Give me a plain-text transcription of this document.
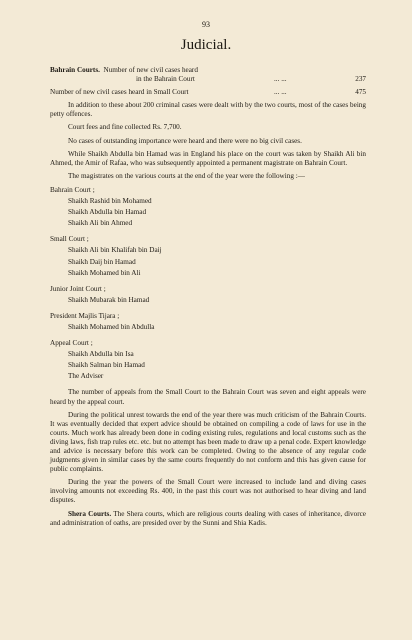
93
Judicial.
Bahrain Courts. Number of new civil cases heard
in the Bahrain Court	... ...	237
Number of new civil cases heard in Small Court	... ...	475

In addition to these about 200 criminal cases were dealt with by the two courts, most of the cases being petty offences.

Court fees and fine collected Rs. 7,700.

No cases of outstanding importance were heard and there were no big civil cases.

While Shaikh Abdulla bin Hamad was in England his place on the court was taken by Shaikh Ali bin Ahmed, the Amir of Rafaa, who was subsequently appointed a permanent magistrate on Bahrain Court.

The magistrates on the various courts at the end of the year were the following :—

Bahrain Court ;
Shaikh Rashid bin Mohamed
Shaikh Abdulla bin Hamad
Shaikh Ali bin Ahmed
Small Court ;
Shaikh Ali bin Khalifah bin Daij
Shaikh Daij bin Hamad
Shaikh Mohamed bin Ali
Junior Joint Court ;
Shaikh Mubarak bin Hamad
President Majlis Tijara ;
Shaikh Mohamed bin Abdulla
Appeal Court ;
Shaikh Abdulla bin Isa
Shaikh Salman bin Hamad
The Adviser

The number of appeals from the Small Court to the Bahrain Court was seven and eight appeals were heard by the appeal court.

During the political unrest towards the end of the year there was much criticism of the Bahrain Courts. It was eventually decided that expert advice should be obtained on compiling a code of laws for use in the courts. Much work has already been done in coding existing rules, regulations and local customs such as the diving laws, fish trap rules etc. etc. but no attempt has been made to draw up a penal code. Expert knowledge and advice is necessary before this work can be completed. Owing to the absence of any regular code judgments given in similar cases by the same courts frequently do not conform and this has given cause for public complaints.

During the year the powers of the Small Court were increased to include land and diving cases involving amounts not exceeding Rs. 400, in the past this court was not authorised to hear diving and land disputes.

Shera Courts. The Shera courts, which are religious courts dealing with cases of inheritance, divorce and administration of oaths, are presided over by the Sunni and Shia Kadis.
